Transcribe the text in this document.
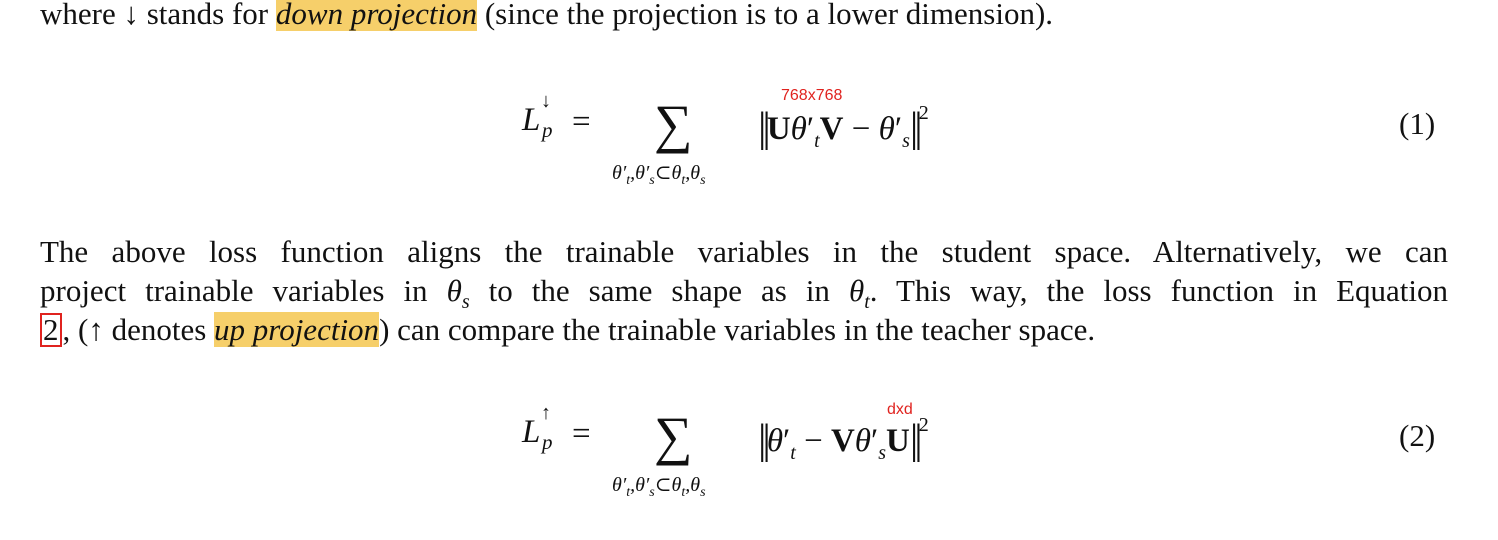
where ↓ stands for down projection (since the projection is to a lower dimension).
L
↓
p = ∑
$\theta'_t,\theta'_s\subset\theta_t,\theta_s$
768x768
$||U\theta'_tV - \theta'_s||^2$	(1)
The above loss function aligns the trainable variables in the student space. Alternatively, we can
project trainable variables in $\theta_s$ to the same shape as in $\theta_t$. This way, the loss function in Equation
2 , (↑ denotes up projection) can compare the trainable variables in the teacher space.
L
↑
p = ∑
$\theta'_t,\theta'_s\subset\theta_t,\theta_s$
dxd
$||\theta'_t - V\theta'_sU||^2$	(2)
